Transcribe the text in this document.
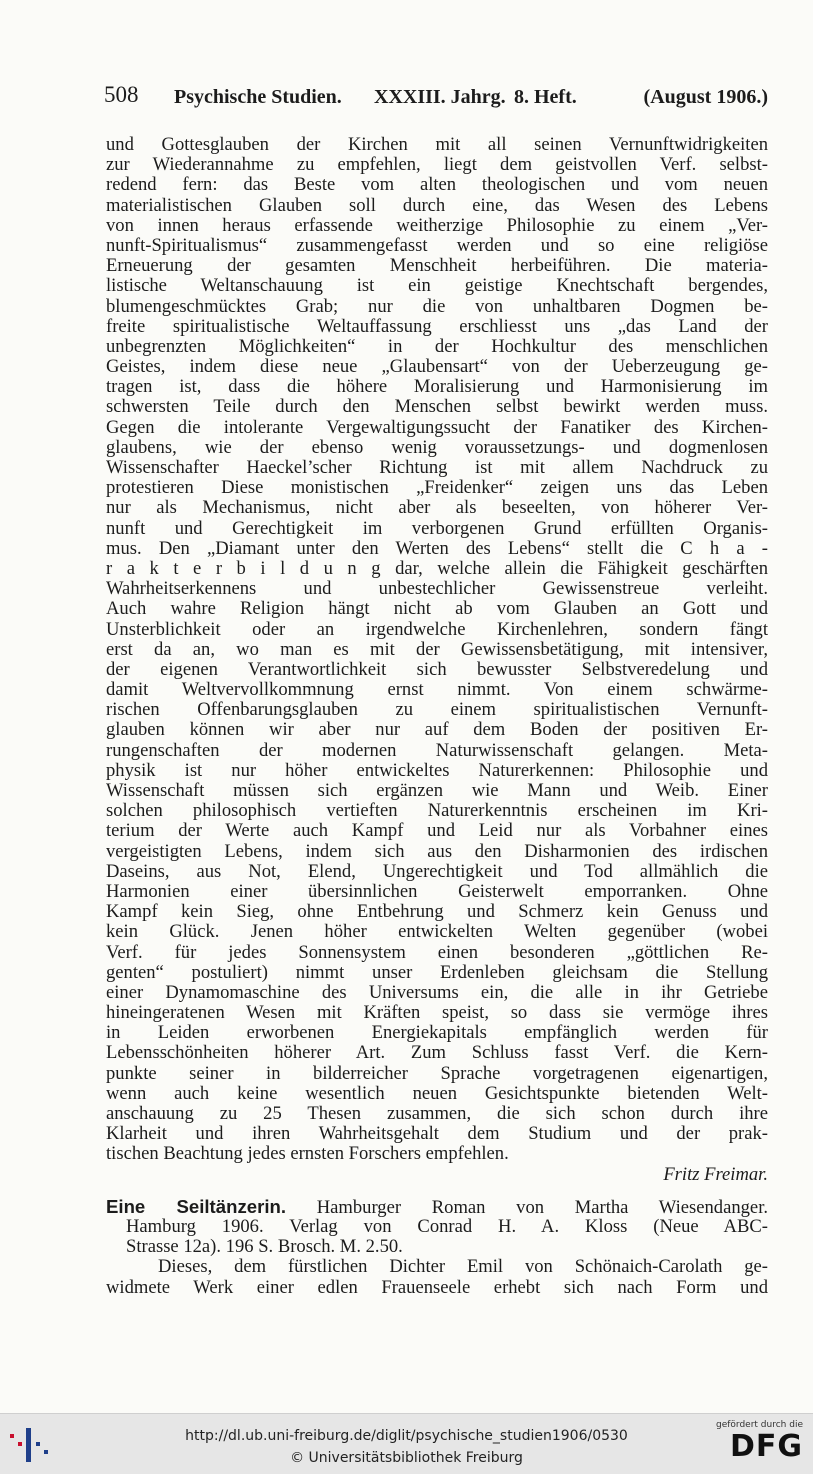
508 Psychische Studien. XXXIII. Jahrg. 8. Heft.	(August 1906.)
und Gottesglauben der Kirchen mit all seinen Vernunftwidrigkeiten
zur Wiederannahme zu empfehlen, liegt dem geistvollen Verf. selbst-
redend fern: das Beste vom alten theologischen und vom neuen
materialistischen Glauben soll durch eine, das Wesen des Lebens
von innen heraus erfassende weitherzige Philosophie zu einem „Ver-
nunft-Spiritualismus“ zusammengefasst werden und so eine religiöse
Erneuerung der gesamten Menschheit herbeiführen. Die materia-
listische Weltanschauung ist ein geistige Knechtschaft bergendes,
blumengeschmücktes Grab; nur die von unhaltbaren Dogmen be-
freite spiritualistische Weltauffassung erschliesst uns „das Land der
unbegrenzten Möglichkeiten“ in der Hochkultur des menschlichen
Geistes, indem diese neue „Glaubensart“ von der Ueberzeugung ge-
tragen ist, dass die höhere Moralisierung und Harmonisierung im
schwersten Teile durch den Menschen selbst bewirkt werden muss.
Gegen die intolerante Vergewaltigungssucht der Fanatiker des Kirchen-
glaubens, wie der ebenso wenig voraussetzungs- und dogmenlosen
Wissenschafter Haeckel’scher Richtung ist mit allem Nachdruck zu
protestieren Diese monistischen „Freidenker“ zeigen uns das Leben
nur als Mechanismus, nicht aber als beseelten, von höherer Ver-
nunft und Gerechtigkeit im verborgenen Grund erfüllten Organis-
mus. Den „Diamant unter den Werten des Lebens“ stellt die C h a -
r a k t e r b i l d u n g dar, welche allein die Fähigkeit geschärften
Wahrheitserkennens und unbestechlicher Gewissenstreue verleiht.
Auch wahre Religion hängt nicht ab vom Glauben an Gott und
Unsterblichkeit oder an irgendwelche Kirchenlehren, sondern fängt
erst da an, wo man es mit der Gewissensbetätigung, mit intensiver,
der eigenen Verantwortlichkeit sich bewusster Selbstveredelung und
damit Weltvervollkommnung ernst nimmt. Von einem schwärme-
rischen Offenbarungsglauben zu einem spiritualistischen Vernunft-
glauben können wir aber nur auf dem Boden der positiven Er-
rungenschaften der modernen Naturwissenschaft gelangen. Meta-
physik ist nur höher entwickeltes Naturerkennen: Philosophie und
Wissenschaft müssen sich ergänzen wie Mann und Weib. Einer
solchen philosophisch vertieften Naturerkenntnis erscheinen im Kri-
terium der Werte auch Kampf und Leid nur als Vorbahner eines
vergeistigten Lebens, indem sich aus den Disharmonien des irdischen
Daseins, aus Not, Elend, Ungerechtigkeit und Tod allmählich die
Harmonien einer übersinnlichen Geisterwelt emporranken. Ohne
Kampf kein Sieg, ohne Entbehrung und Schmerz kein Genuss und
kein Glück. Jenen höher entwickelten Welten gegenüber (wobei
Verf. für jedes Sonnensystem einen besonderen „göttlichen Re-
genten“ postuliert) nimmt unser Erdenleben gleichsam die Stellung
einer Dynamomaschine des Universums ein, die alle in ihr Getriebe
hineingeratenen Wesen mit Kräften speist, so dass sie vermöge ihres
in Leiden erworbenen Energiekapitals empfänglich werden für
Lebensschönheiten höherer Art. Zum Schluss fasst Verf. die Kern-
punkte seiner in bilderreicher Sprache vorgetragenen eigenartigen,
wenn auch keine wesentlich neuen Gesichtspunkte bietenden Welt-
anschauung zu 25 Thesen zusammen, die sich schon durch ihre
Klarheit und ihren Wahrheitsgehalt dem Studium und der prak-
tischen Beachtung jedes ernsten Forschers empfehlen.
Fritz Freimar.
Eine Seiltänzerin. Hamburger Roman von Martha Wiesendanger.
Hamburg 1906. Verlag von Conrad H. A. Kloss (Neue ABC-
Strasse 12a). 196 S. Brosch. M. 2.50.
Dieses, dem fürstlichen Dichter Emil von Schönaich-Carolath ge-
widmete Werk einer edlen Frauenseele erhebt sich nach Form und
http://dl.ub.uni-freiburg.de/diglit/psychische_studien1906/0530
© Universitätsbibliothek Freiburg
gefördert durch die
DFG
